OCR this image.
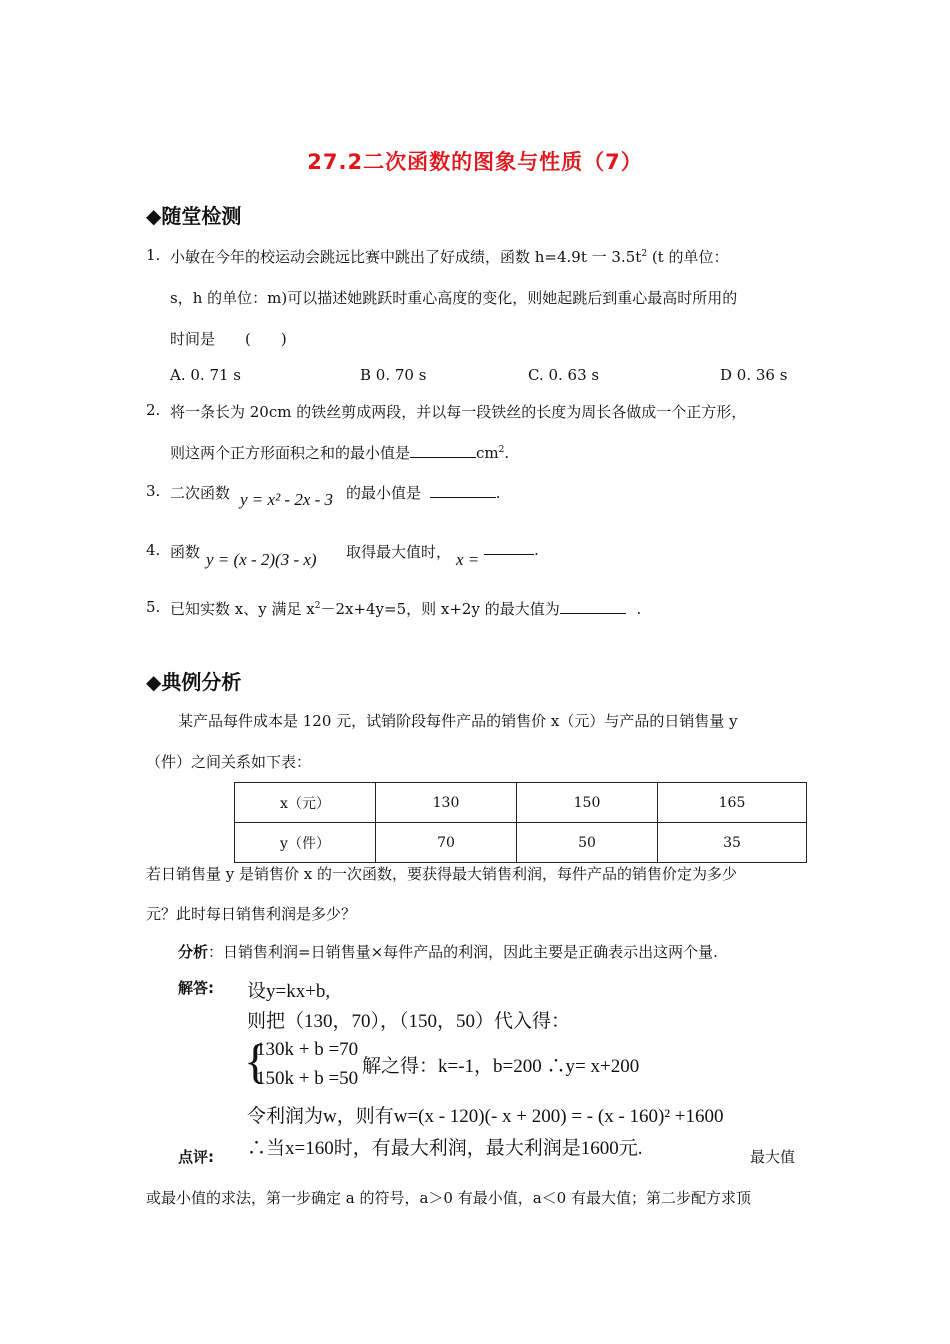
27.2二次函数的图象与性质（7）
◆随堂检测
1. 小敏在今年的校运动会跳远比赛中跳出了好成绩，函数 h=4.9t 一 $3.5t^2$ (t 的单位：
s，h 的单位：m)可以描述她跳跃时重心高度的变化，则她起跳后到重心最高时所用的
时间是　　(　　)
A. 0. 71 s	B 0. 70 s	C. 0. 63 s	D 0. 36 s
2. 将一条长为 20cm 的铁丝剪成两段，并以每一段铁丝的长度为周长各做成一个正方形，
则这两个正方形面积之和的最小值是	$cm^2$.
3. 二次函数 y = x² - 2x - 3 的最小值是	.
4. 函数 y = (x - 2)(3 - x) 取得最大值时， x =	.
5. 已知实数 x、y 满足 $x^2-2x+4y=5$，则 x+2y 的最大值为	.
◆典例分析
某产品每件成本是 120 元，试销阶段每件产品的销售价 x（元）与产品的日销售量 y
（件）之间关系如下表：
x（元）	130	150	165
y（件）	70	50	35
若日销售量 y 是销售价 x 的一次函数，要获得最大销售利润，每件产品的销售价定为多少
元？此时每日销售利润是多少？
分析：日销售利润=日销售量×每件产品的利润，因此主要是正确表示出这两个量.
解答: 设y=kx+b,
则把（130，70），（150，50）代入得：
{
130k + b =70
150k + b =50
解之得：k=-1，b=200 ∴y= x+200
令利润为w，则有w=(x - 120)(- x + 200) = - (x - 160)² +1600
∴当x=160时，有最大利润，最大利润是1600元.
点评:	最大值
或最小值的求法，第一步确定 a 的符号，a＞0 有最小值，a＜0 有最大值；第二步配方求顶
